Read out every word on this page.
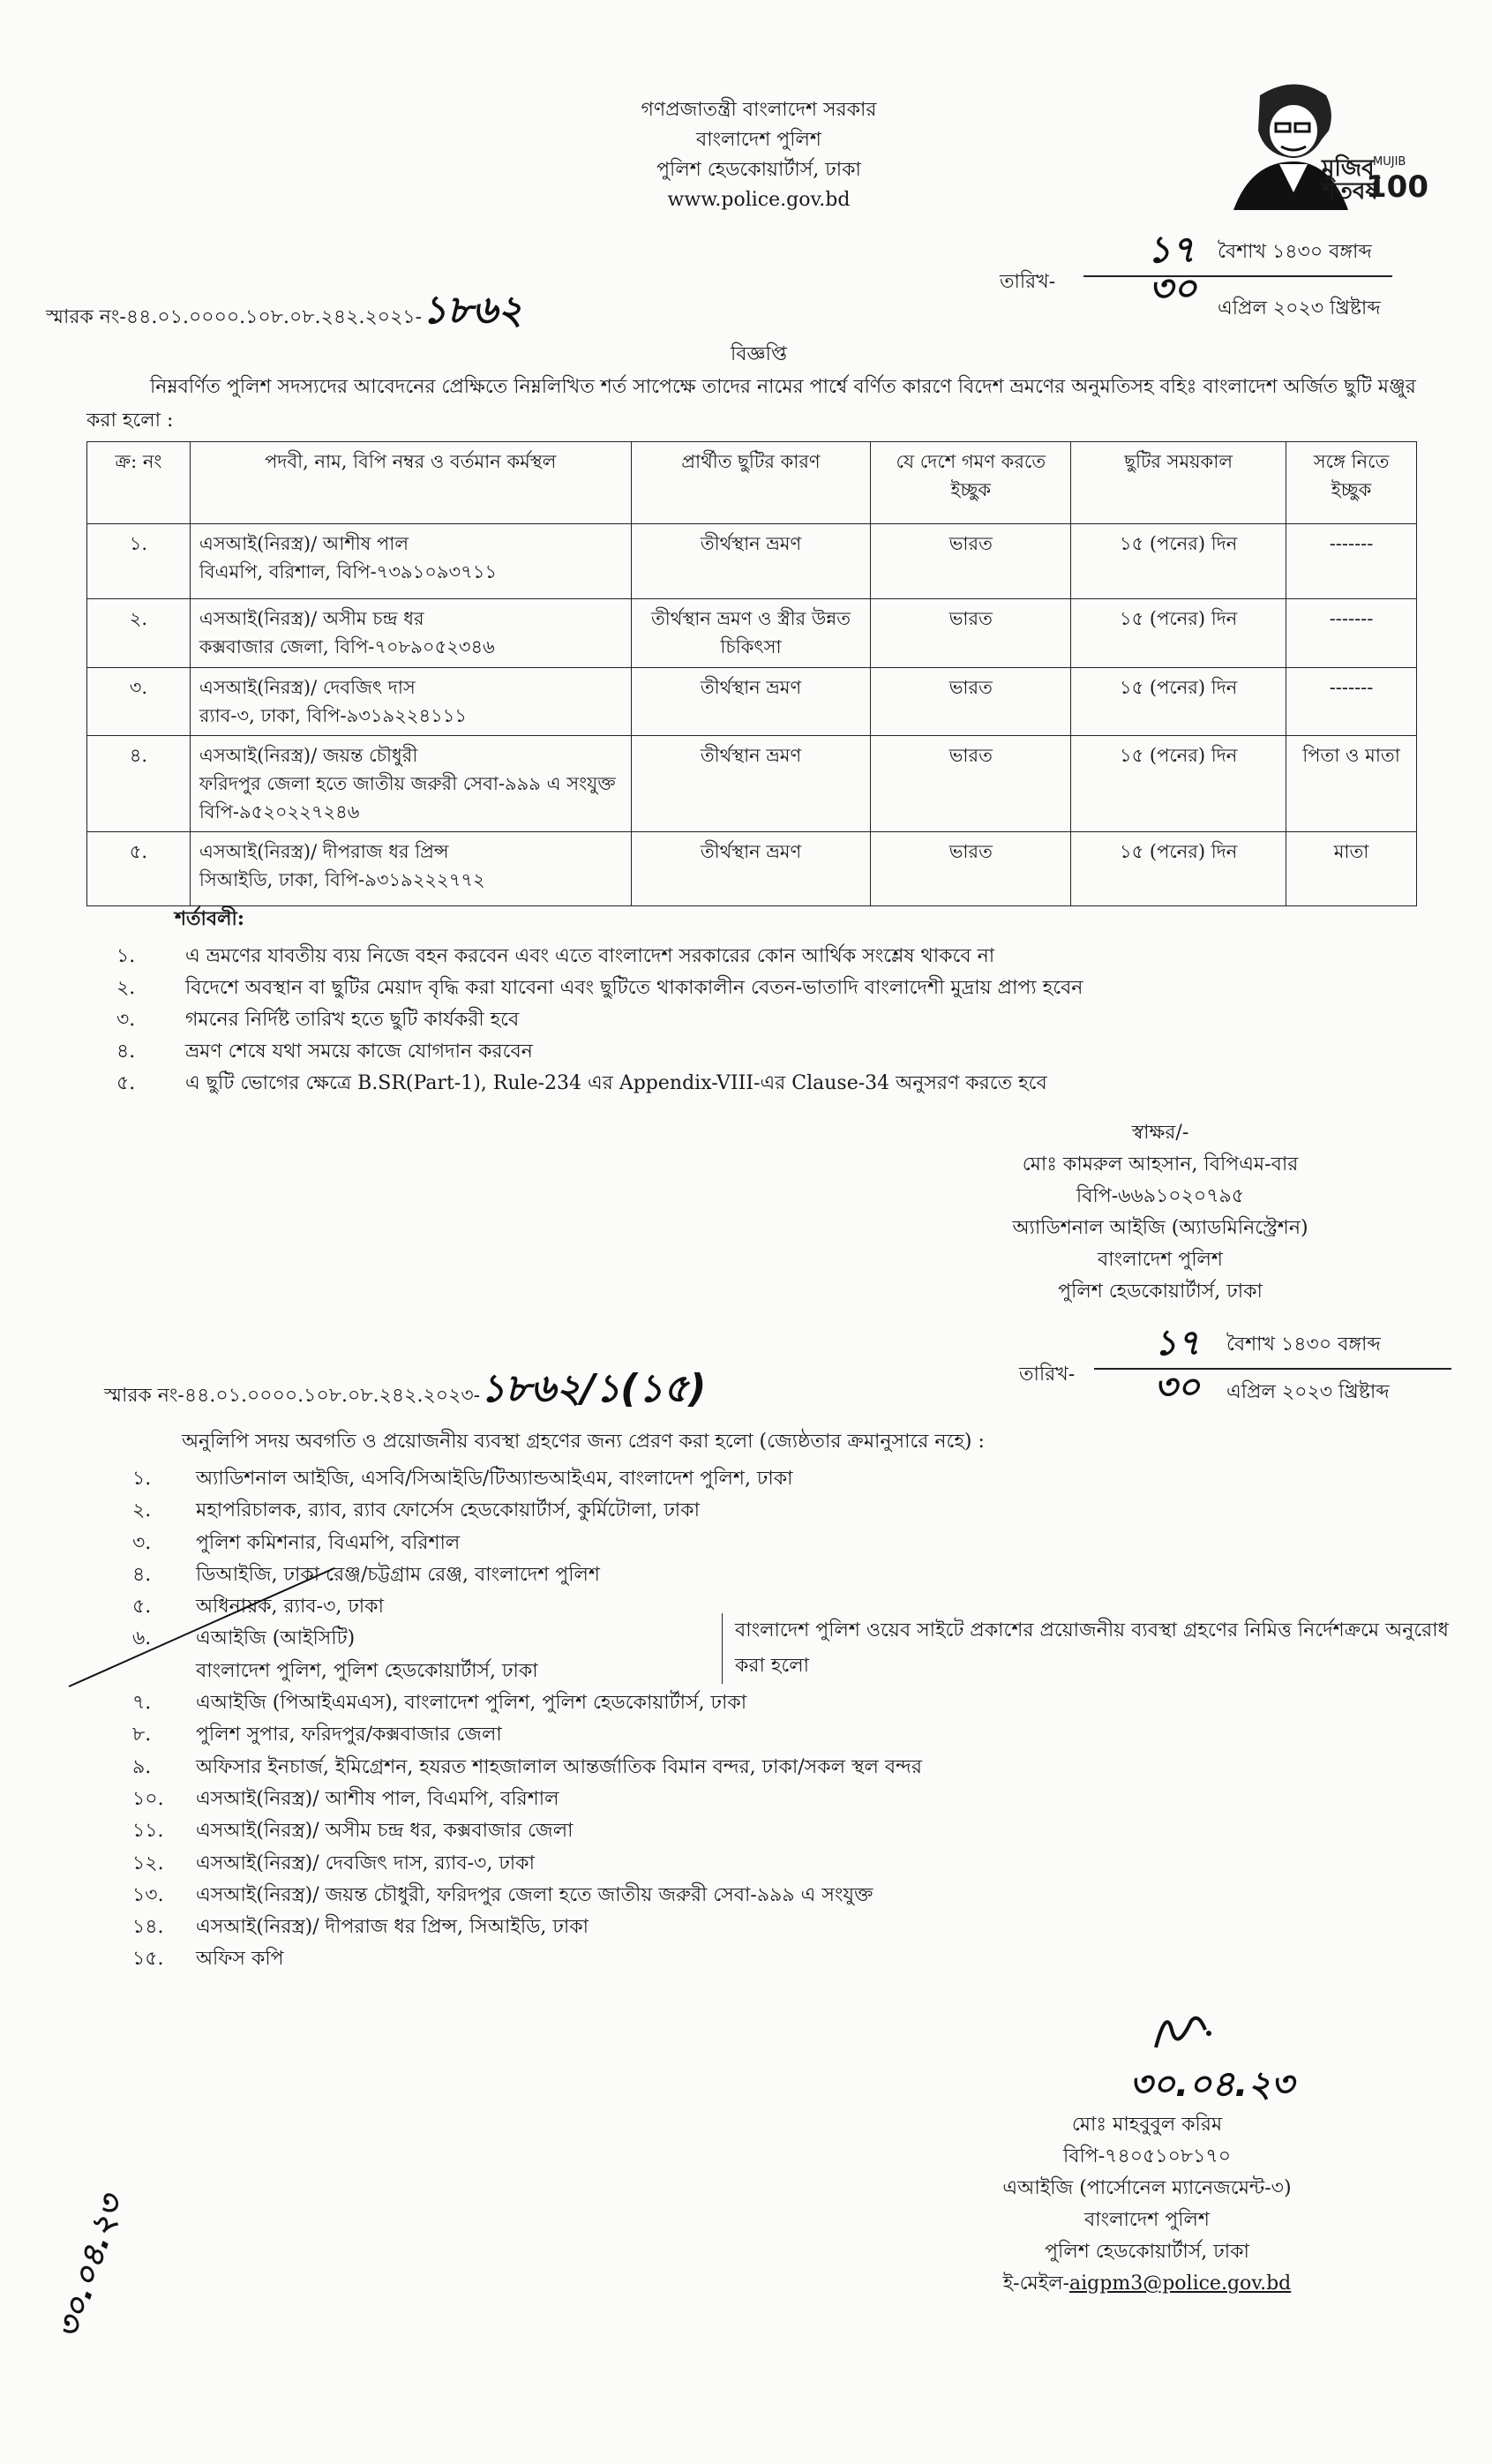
গণপ্রজাতন্ত্রী বাংলাদেশ সরকার
বাংলাদেশ পুলিশ
পুলিশ হেডকোয়ার্টার্স, ঢাকা
www.police.gov.bd
মুজিব শতবর্ষ
MUJIB
100
স্মারক নং-৪৪.০১.০০০০.১০৮.০৮.২৪২.২০২১-১৮৬২
তারিখ-
১৭ বৈশাখ ১৪৩০ বঙ্গাব্দ
৩০ এপ্রিল ২০২৩ খ্রিষ্টাব্দ
বিজ্ঞপ্তি
নিম্নবর্ণিত পুলিশ সদস্যদের আবেদনের প্রেক্ষিতে নিম্নলিখিত শর্ত সাপেক্ষে তাদের নামের পার্শ্বে বর্ণিত কারণে বিদেশ ভ্রমণের অনুমতিসহ বহিঃ বাংলাদেশ অর্জিত ছুটি মঞ্জুর করা হলো :
ক্র: নং	পদবী, নাম, বিপি নম্বর ও বর্তমান কর্মস্থল	প্রার্থীত ছুটির কারণ	যে দেশে গমণ করতে ইচ্ছুক	ছুটির সময়কাল	সঙ্গে নিতে ইচ্ছুক
১.	এসআই(নিরস্ত্র)/ আশীষ পাল
বিএমপি, বরিশাল, বিপি-৭৩৯১০৯৩৭১১	তীর্থস্থান ভ্রমণ	ভারত	১৫ (পনের) দিন	-------
২.	এসআই(নিরস্ত্র)/ অসীম চন্দ্র ধর
কক্সবাজার জেলা, বিপি-৭০৮৯০৫২৩৪৬	তীর্থস্থান ভ্রমণ ও স্ত্রীর উন্নত চিকিৎসা	ভারত	১৫ (পনের) দিন	-------
৩.	এসআই(নিরস্ত্র)/ দেবজিৎ দাস
র‌্যাব-৩, ঢাকা, বিপি-৯৩১৯২২৪১১১	তীর্থস্থান ভ্রমণ	ভারত	১৫ (পনের) দিন	-------
৪.	এসআই(নিরস্ত্র)/ জয়ন্ত চৌধুরী
ফরিদপুর জেলা হতে জাতীয় জরুরী সেবা-৯৯৯ এ সংযুক্ত বিপি-৯৫২০২২৭২৪৬	তীর্থস্থান ভ্রমণ	ভারত	১৫ (পনের) দিন	পিতা ও মাতা
৫.	এসআই(নিরস্ত্র)/ দীপরাজ ধর প্রিন্স
সিআইডি, ঢাকা, বিপি-৯৩১৯২২২৭৭২	তীর্থস্থান ভ্রমণ	ভারত	১৫ (পনের) দিন	মাতা
শর্তাবলী:
১.	এ ভ্রমণের যাবতীয় ব্যয় নিজে বহন করবেন এবং এতে বাংলাদেশ সরকারের কোন আর্থিক সংশ্লেষ থাকবে না
২.	বিদেশে অবস্থান বা ছুটির মেয়াদ বৃদ্ধি করা যাবেনা এবং ছুটিতে থাকাকালীন বেতন-ভাতাদি বাংলাদেশী মুদ্রায় প্রাপ্য হবেন
৩.	গমনের নির্দিষ্ট তারিখ হতে ছুটি কার্যকরী হবে
৪.	ভ্রমণ শেষে যথা সময়ে কাজে যোগদান করবেন
৫.	এ ছুটি ভোগের ক্ষেত্রে B.SR(Part-1), Rule-234 এর Appendix-VIII-এর Clause-34 অনুসরণ করতে হবে
স্বাক্ষর/-
মোঃ কামরুল আহসান, বিপিএম-বার
বিপি-৬৬৯১০২০৭৯৫
অ্যাডিশনাল আইজি (অ্যাডমিনিস্ট্রেশন)
বাংলাদেশ পুলিশ
পুলিশ হেডকোয়ার্টার্স, ঢাকা
স্মারক নং-৪৪.০১.০০০০.১০৮.০৮.২৪২.২০২৩-১৮৬২/১(১৫)	তারিখ-
১৭ বৈশাখ ১৪৩০ বঙ্গাব্দ
৩০ এপ্রিল ২০২৩ খ্রিষ্টাব্দ
অনুলিপি সদয় অবগতি ও প্রয়োজনীয় ব্যবস্থা গ্রহণের জন্য প্রেরণ করা হলো (জ্যেষ্ঠতার ক্রমানুসারে নহে) :
১. অ্যাডিশনাল আইজি, এসবি/সিআইডি/টিঅ্যান্ডআইএম, বাংলাদেশ পুলিশ, ঢাকা
২. মহাপরিচালক, র‍্যাব, র‍্যাব ফোর্সেস হেডকোয়ার্টার্স, কুর্মিটোলা, ঢাকা
৩. পুলিশ কমিশনার, বিএমপি, বরিশাল
৪. ডিআইজি, ঢাকা রেঞ্জ/চট্টগ্রাম রেঞ্জ, বাংলাদেশ পুলিশ
৫. অধিনায়ক, র‍্যাব-৩, ঢাকা
৬. এআইজি (আইসিটি)
বাংলাদেশ পুলিশ, পুলিশ হেডকোয়ার্টার্স, ঢাকা
৭. এআইজি (পিআইএমএস), বাংলাদেশ পুলিশ, পুলিশ হেডকোয়ার্টার্স, ঢাকা
৮. পুলিশ সুপার, ফরিদপুর/কক্সবাজার জেলা
৯. অফিসার ইনচার্জ, ইমিগ্রেশন, হযরত শাহজালাল আন্তর্জাতিক বিমান বন্দর, ঢাকা/সকল স্থল বন্দর
১০. এসআই(নিরস্ত্র)/ আশীষ পাল, বিএমপি, বরিশাল
১১. এসআই(নিরস্ত্র)/ অসীম চন্দ্র ধর, কক্সবাজার জেলা
১২. এসআই(নিরস্ত্র)/ দেবজিৎ দাস, র‍্যাব-৩, ঢাকা
১৩. এসআই(নিরস্ত্র)/ জয়ন্ত চৌধুরী, ফরিদপুর জেলা হতে জাতীয় জরুরী সেবা-৯৯৯ এ সংযুক্ত
১৪. এসআই(নিরস্ত্র)/ দীপরাজ ধর প্রিন্স, সিআইডি, ঢাকা
১৫. অফিস কপি
বাংলাদেশ পুলিশ ওয়েব সাইটে প্রকাশের প্রয়োজনীয় ব্যবস্থা গ্রহণের নিমিত্ত নির্দেশক্রমে অনুরোধ করা হলো
৩০.০৪.২৩
মোঃ মাহবুবুল করিম
বিপি-৭৪০৫১০৮১৭০
এআইজি (পার্সোনেল ম্যানেজমেন্ট-৩)
বাংলাদেশ পুলিশ
পুলিশ হেডকোয়ার্টার্স, ঢাকা
ই-মেইল-aigpm3@police.gov.bd
৩০.০৪.২৩
